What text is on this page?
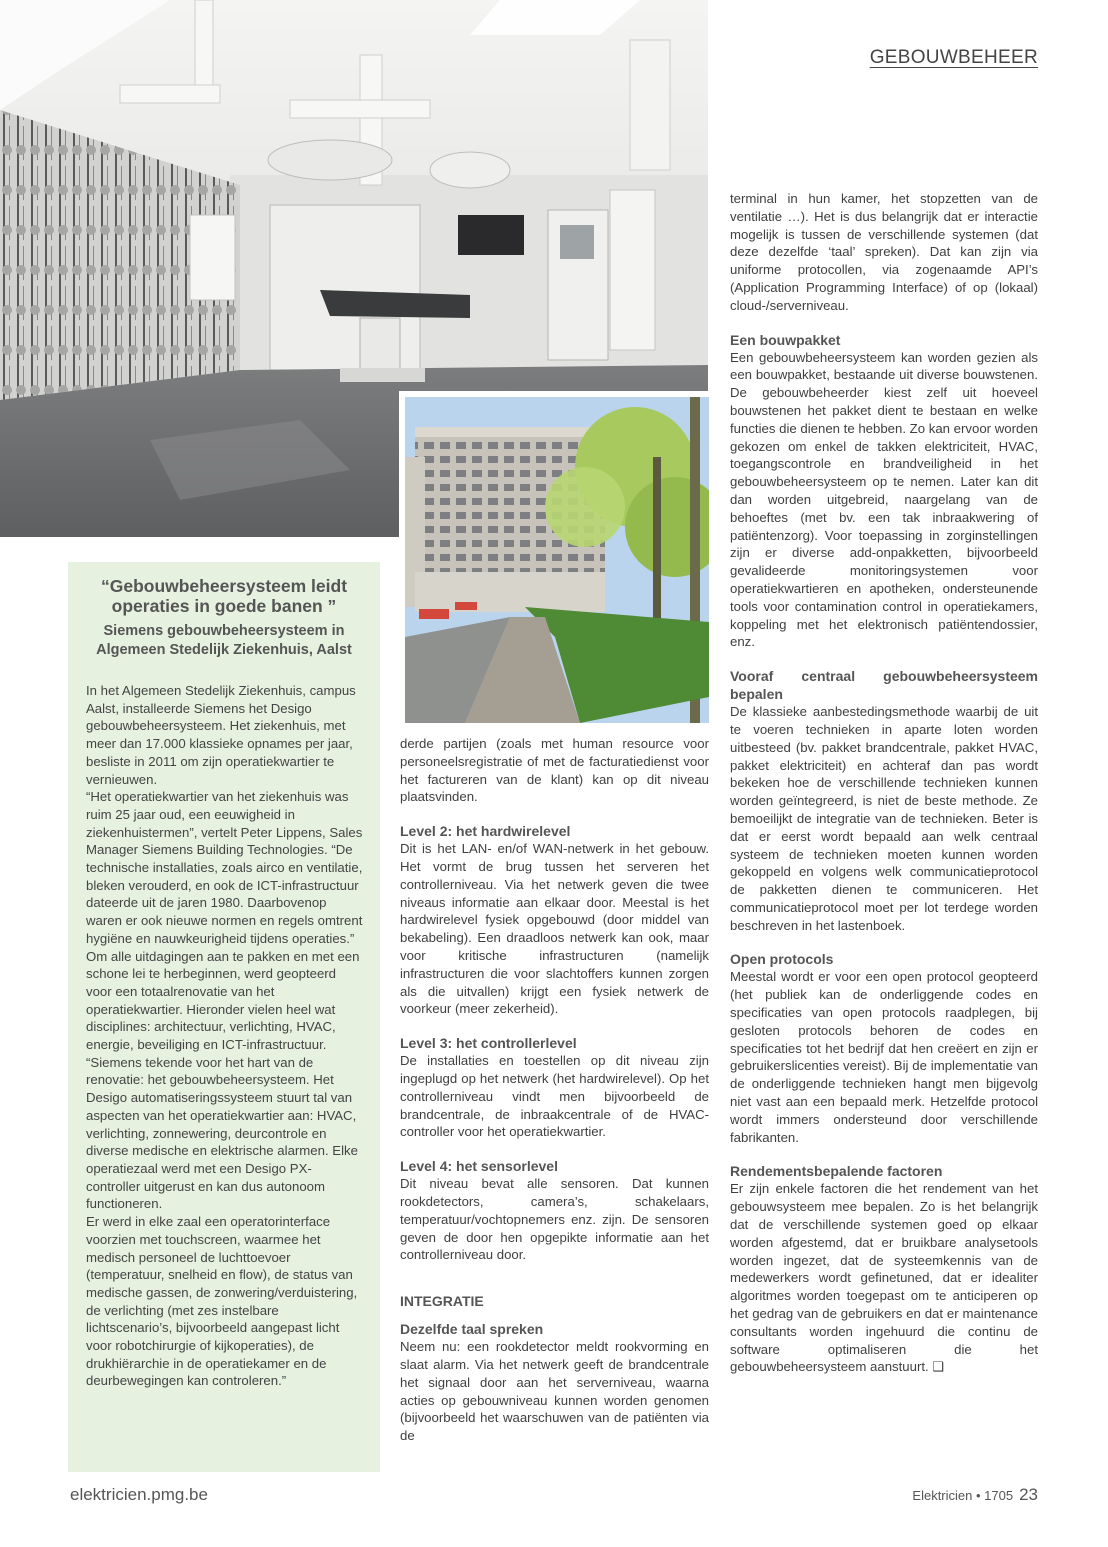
GEBOUWBEHEER
“Gebouwbeheersysteem leidt
operaties in goede banen ”
Siemens gebouwbeheersysteem in
Algemeen Stedelijk Ziekenhuis, Aalst
In het Algemeen Stedelijk Ziekenhuis, campus Aalst, installeerde Siemens het Desigo gebouwbeheersysteem. Het ziekenhuis, met meer dan 17.000 klassieke opnames per jaar, besliste in 2011 om zijn operatiekwartier te vernieuwen.
“Het operatiekwartier van het ziekenhuis was ruim 25 jaar oud, een eeuwigheid in ziekenhuistermen”, vertelt Peter Lippens, Sales Manager Siemens Building Technologies. “De technische installaties, zoals airco en ventilatie, bleken verouderd, en ook de ICT-infrastructuur dateerde uit de jaren 1980. Daarbovenop waren er ook nieuwe normen en regels omtrent hygiëne en nauwkeurigheid tijdens operaties.”
Om alle uitdagingen aan te pakken en met een schone lei te herbeginnen, werd geopteerd voor een totaalrenovatie van het operatiekwartier. Hieronder vielen heel wat disciplines: architectuur, verlichting, HVAC, energie, beveiliging en ICT-infrastructuur.
“Siemens tekende voor het hart van de renovatie: het gebouwbeheersysteem. Het Desigo automatiseringssysteem stuurt tal van aspecten van het operatiekwartier aan: HVAC, verlichting, zonnewering, deurcontrole en diverse medische en elektrische alarmen. Elke operatiezaal werd met een Desigo PX-controller uitgerust en kan dus autonoom functioneren.
Er werd in elke zaal een operatorinterface voorzien met touchscreen, waarmee het medisch personeel de luchttoevoer (temperatuur, snelheid en flow), de status van medische gassen, de zonwering/verduistering, de verlichting (met zes instelbare lichtscenario’s, bijvoorbeeld aangepast licht voor robotchirurgie of kijkoperaties), de drukhiërarchie in de operatiekamer en de deurbewegingen kan controleren.”

derde partijen (zoals met human resource voor personeelsregistratie of met de facturatiedienst voor het factureren van de klant) kan op dit niveau plaatsvinden.

Level 2: het hardwirelevel

Dit is het LAN- en/of WAN-netwerk in het gebouw. Het vormt de brug tussen het serveren het controllerniveau. Via het netwerk geven die twee niveaus informatie aan elkaar door. Meestal is het hardwirelevel fysiek opgebouwd (door middel van bekabeling). Een draadloos netwerk kan ook, maar voor kritische infrastructuren (namelijk infrastructuren die voor slachtoffers kunnen zorgen als die uitvallen) krijgt een fysiek netwerk de voorkeur (meer zekerheid).

Level 3: het controllerlevel

De installaties en toestellen op dit niveau zijn ingeplugd op het netwerk (het hardwirelevel). Op het controllerniveau vindt men bijvoorbeeld de brandcentrale, de inbraakcentrale of de HVAC-controller voor het operatiekwartier.

Level 4: het sensorlevel

Dit niveau bevat alle sensoren. Dat kunnen rookdetectors, camera’s, schakelaars, temperatuur/vochtopnemers enz. zijn. De sensoren geven de door hen opgepikte informatie aan het controllerniveau door.

INTEGRATIE
Dezelfde taal spreken

Neem nu: een rookdetector meldt rookvorming en slaat alarm. Via het netwerk geeft de brandcentrale het signaal door aan het serverniveau, waarna acties op gebouwniveau kunnen worden genomen (bijvoorbeeld het waarschuwen van de patiënten via de

terminal in hun kamer, het stopzetten van de ventilatie …). Het is dus belangrijk dat er interactie mogelijk is tussen de verschillende systemen (dat deze dezelfde ‘taal’ spreken). Dat kan zijn via uniforme protocollen, via zogenaamde API’s (Application Programming Interface) of op (lokaal) cloud-/serverniveau.

Een bouwpakket

Een gebouwbeheersysteem kan worden gezien als een bouwpakket, bestaande uit diverse bouwstenen. De gebouwbeheerder kiest zelf uit hoeveel bouwstenen het pakket dient te bestaan en welke functies die dienen te hebben. Zo kan ervoor worden gekozen om enkel de takken elektriciteit, HVAC, toegangscontrole en brandveiligheid in het gebouwbeheersysteem op te nemen. Later kan dit dan worden uitgebreid, naargelang van de behoeftes (met bv. een tak inbraakwering of patiëntenzorg). Voor toepassing in zorginstellingen zijn er diverse add-onpakketten, bijvoorbeeld gevalideerde monitoringsystemen voor operatiekwartieren en apotheken, ondersteunende tools voor contamination control in operatiekamers, koppeling met het elektronisch patiëntendossier, enz.

Vooraf centraal gebouwbeheersysteem bepalen

De klassieke aanbestedingsmethode waarbij de uit te voeren technieken in aparte loten worden uitbesteed (bv. pakket brandcentrale, pakket HVAC, pakket elektriciteit) en achteraf dan pas wordt bekeken hoe de verschillende technieken kunnen worden geïntegreerd, is niet de beste methode. Ze bemoeilijkt de integratie van de technieken. Beter is dat er eerst wordt bepaald aan welk centraal systeem de technieken moeten kunnen worden gekoppeld en volgens welk communicatieprotocol de pakketten dienen te communiceren. Het communicatieprotocol moet per lot terdege worden beschreven in het lastenboek.

Open protocols

Meestal wordt er voor een open protocol geopteerd (het publiek kan de onderliggende codes en specificaties van open protocols raadplegen, bij gesloten protocols behoren de codes en specificaties tot het bedrijf dat hen creëert en zijn er gebruikerslicenties vereist). Bij de implementatie van de onderliggende technieken hangt men bijgevolg niet vast aan een bepaald merk. Hetzelfde protocol wordt immers ondersteund door verschillende fabrikanten.

Rendementsbepalende factoren

Er zijn enkele factoren die het rendement van het gebouwsysteem mee bepalen. Zo is het belangrijk dat de verschillende systemen goed op elkaar worden afgestemd, dat er bruikbare analysetools worden ingezet, dat de systeemkennis van de medewerkers wordt gefinetuned, dat er idealiter algoritmes worden toegepast om te anticiperen op het gedrag van de gebruikers en dat er maintenance consultants worden ingehuurd die continu de software optimaliseren die het gebouwbeheersysteem aanstuurt. ❑

elektricien.pmg.be	Elektricien • 1705 23
